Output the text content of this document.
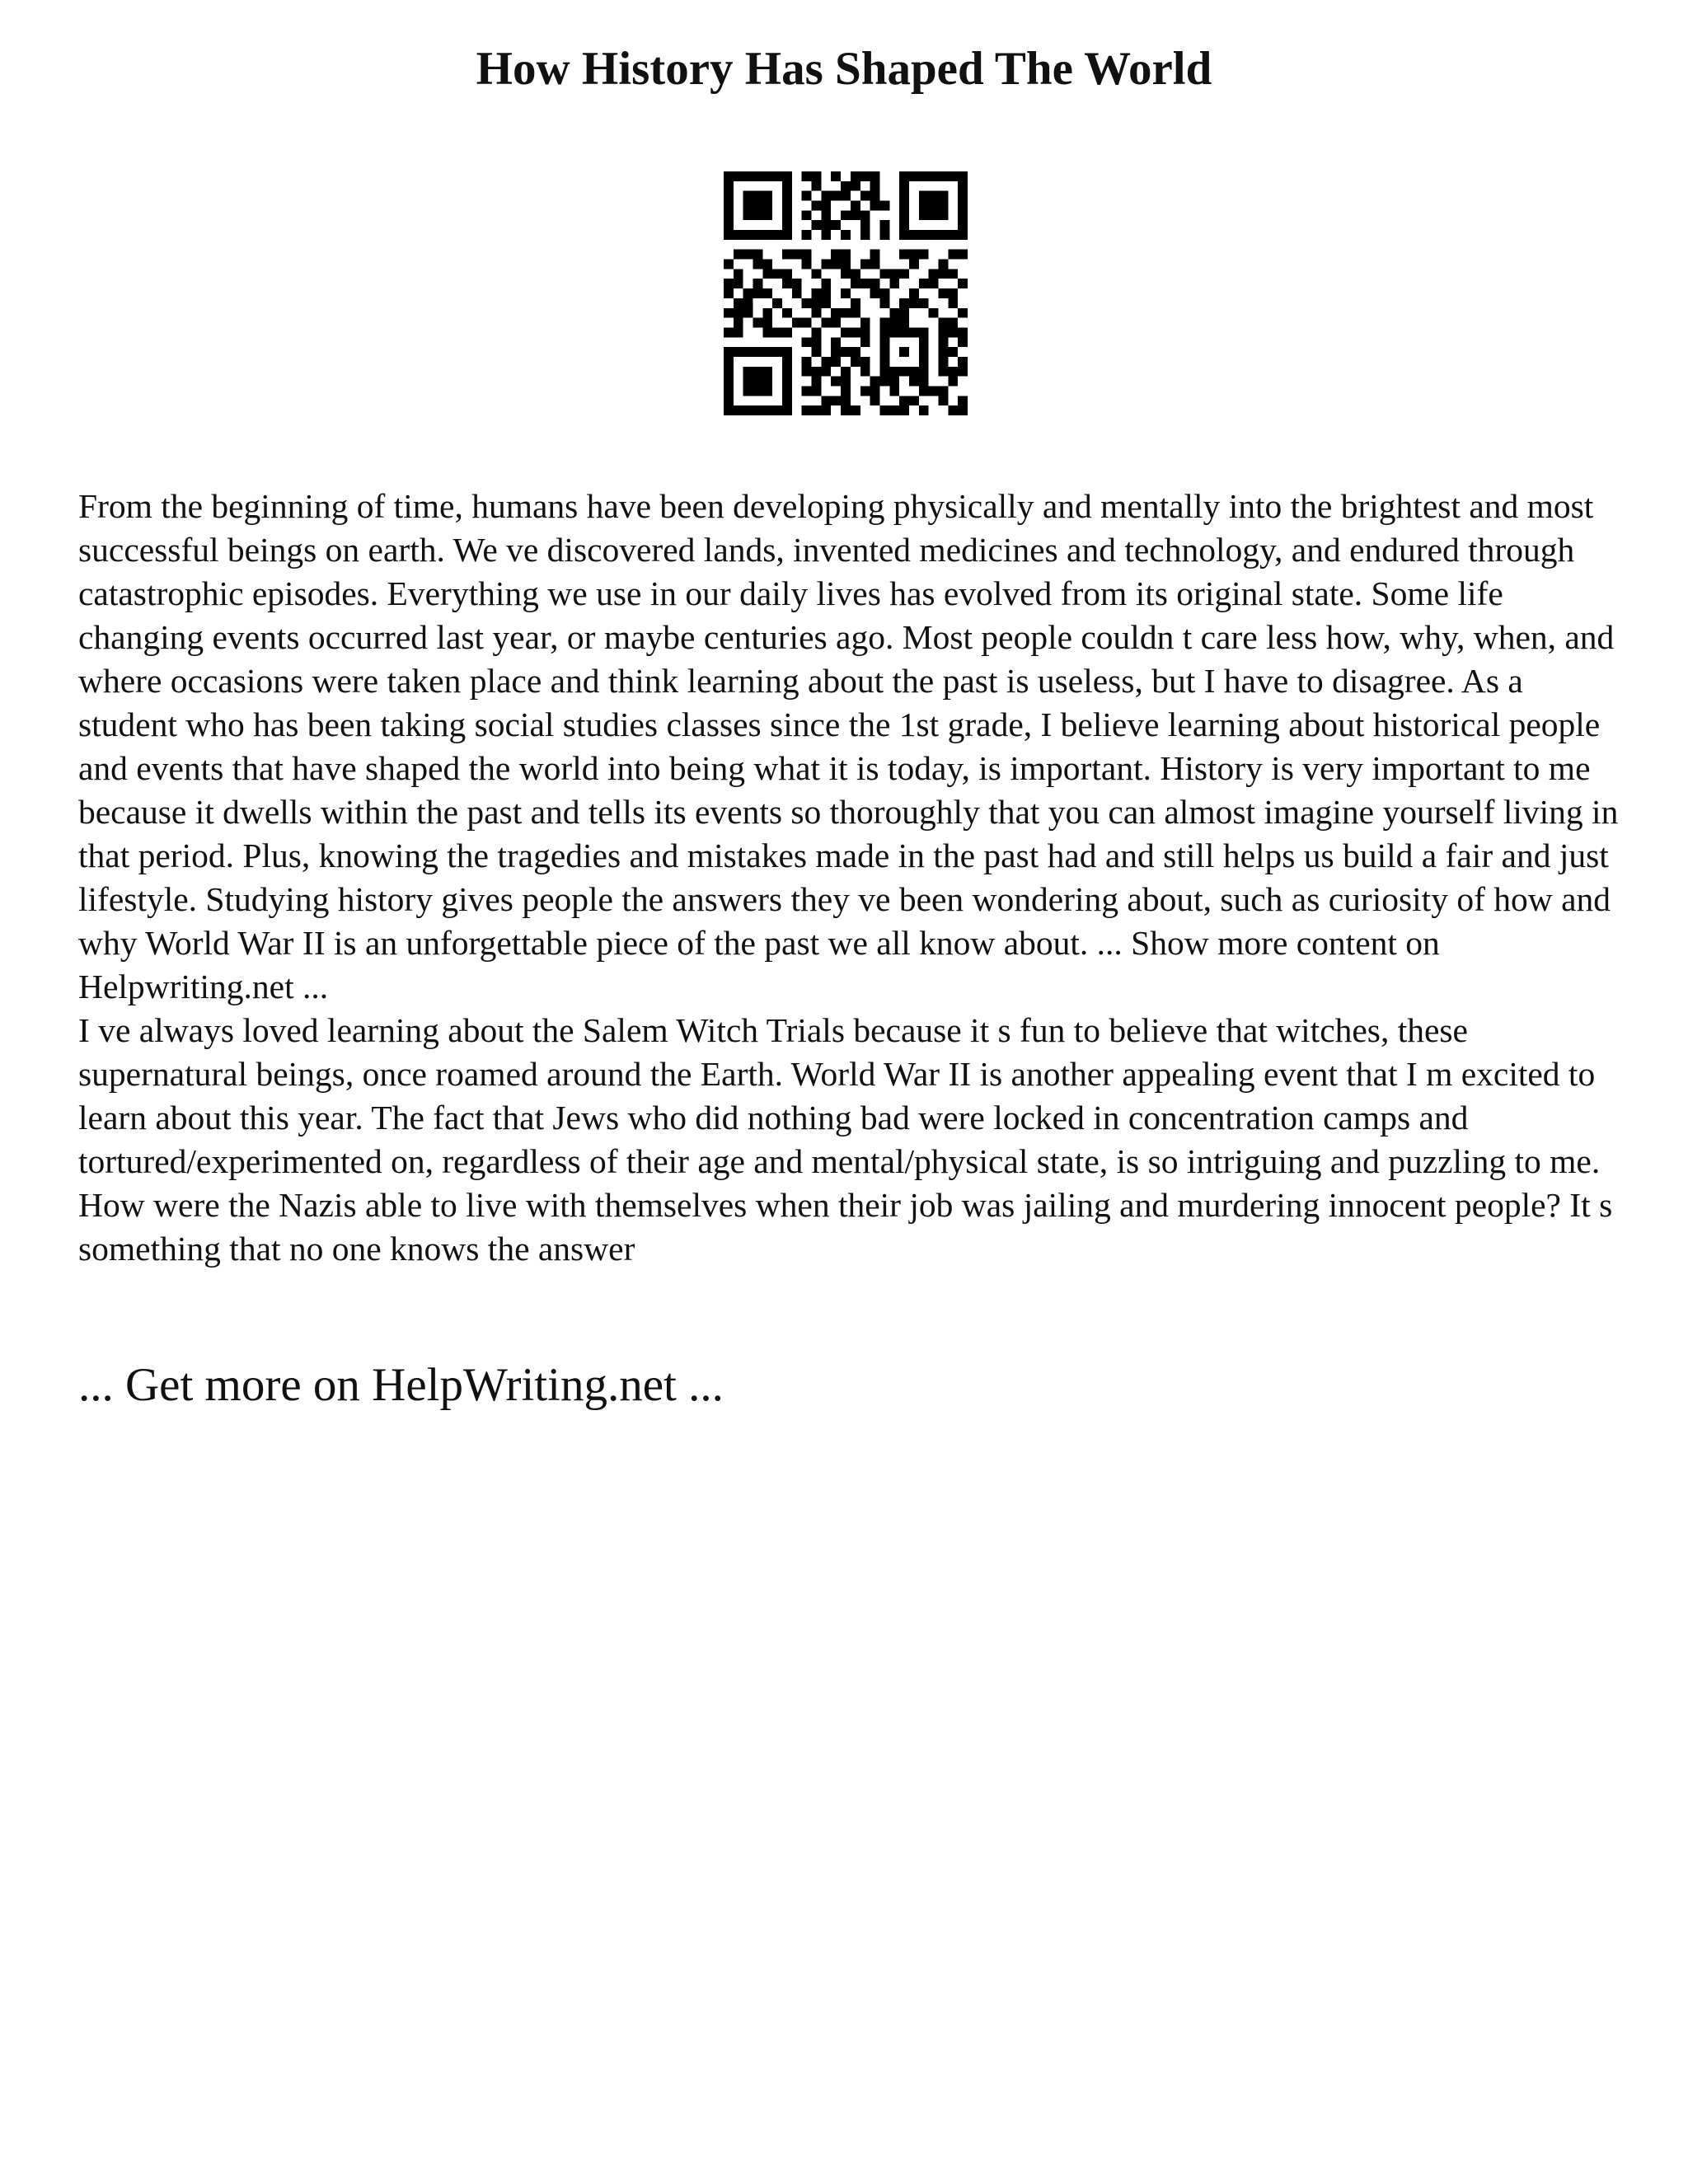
How History Has Shaped The World

From the beginning of time, humans have been developing physically and mentally into the brightest and most successful beings on earth. We ve discovered lands, invented medicines and technology, and endured through catastrophic episodes. Everything we use in our daily lives has evolved from its original state. Some life changing events occurred last year, or maybe centuries ago. Most people couldn t care less how, why, when, and where occasions were taken place and think learning about the past is useless, but I have to disagree. As a student who has been taking social studies classes since the 1st grade, I believe learning about historical people and events that have shaped the world into being what it is today, is important. History is very important to me because it dwells within the past and tells its events so thoroughly that you can almost imagine yourself living in that period. Plus, knowing the tragedies and mistakes made in the past had and still helps us build a fair and just lifestyle. Studying history gives people the answers they ve been wondering about, such as curiosity of how and why World War II is an unforgettable piece of the past we all know about. ... Show more content on Helpwriting.net ...

I ve always loved learning about the Salem Witch Trials because it s fun to believe that witches, these supernatural beings, once roamed around the Earth. World War II is another appealing event that I m excited to learn about this year. The fact that Jews who did nothing bad were locked in concentration camps and tortured/experimented on, regardless of their age and mental/physical state, is so intriguing and puzzling to me. How were the Nazis able to live with themselves when their job was jailing and murdering innocent people? It s something that no one knows the answer

... Get more on HelpWriting.net ...
